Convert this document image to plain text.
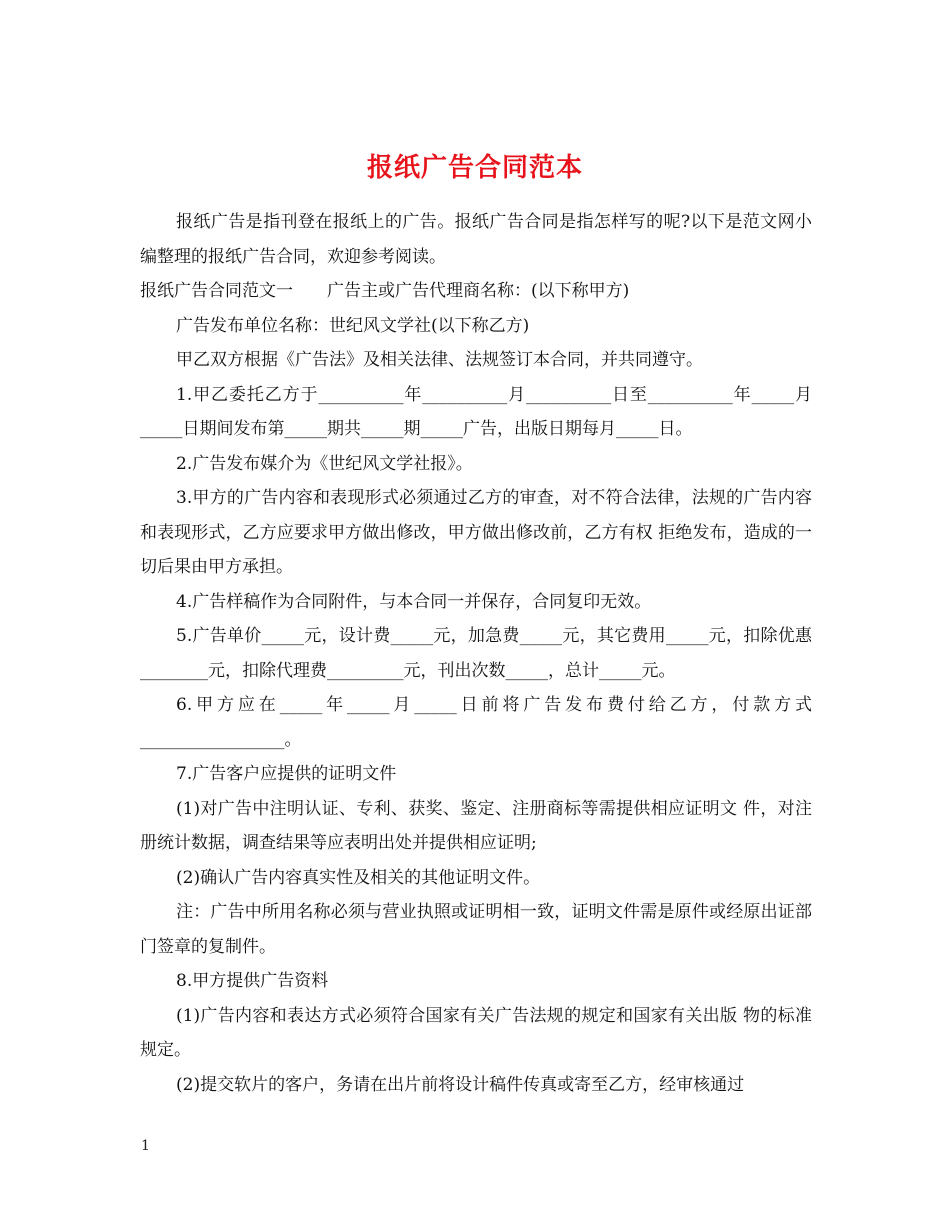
报纸广告合同范本

报纸广告是指刊登在报纸上的广告。报纸广告合同是指怎样写的呢?以下是范文网小编整理的报纸广告合同，欢迎参考阅读。

报纸广告合同范文一　　广告主或广告代理商名称：(以下称甲方)

广告发布单位名称：世纪风文学社(以下称乙方)

甲乙双方根据《广告法》及相关法律、法规签订本合同，并共同遵守。

1.甲乙委托乙方于__________年__________月__________日至__________年_____月_____日期间发布第_____期共_____期_____广告，出版日期每月_____日。

2.广告发布媒介为《世纪风文学社报》。

3.甲方的广告内容和表现形式必须通过乙方的审查，对不符合法律，法规的广告内容和表现形式，乙方应要求甲方做出修改，甲方做出修改前，乙方有权 拒绝发布，造成的一切后果由甲方承担。

4.广告样稿作为合同附件，与本合同一并保存，合同复印无效。

5.广告单价_____元，设计费_____元，加急费_____元，其它费用_____元，扣除优惠________元，扣除代理费_________元，刊出次数_____，总计_____元。

6.甲方应在_____年_____月_____日前将广告发布费付给乙方，付款方式_________________。

7.广告客户应提供的证明文件

(1)对广告中注明认证、专利、获奖、鉴定、注册商标等需提供相应证明文 件，对注册统计数据，调查结果等应表明出处并提供相应证明;

(2)确认广告内容真实性及相关的其他证明文件。

注：广告中所用名称必须与营业执照或证明相一致，证明文件需是原件或经原出证部门签章的复制件。

8.甲方提供广告资料

(1)广告内容和表达方式必须符合国家有关广告法规的规定和国家有关出版 物的标准规定。

(2)提交软片的客户，务请在出片前将设计稿件传真或寄至乙方，经审核通过

1
